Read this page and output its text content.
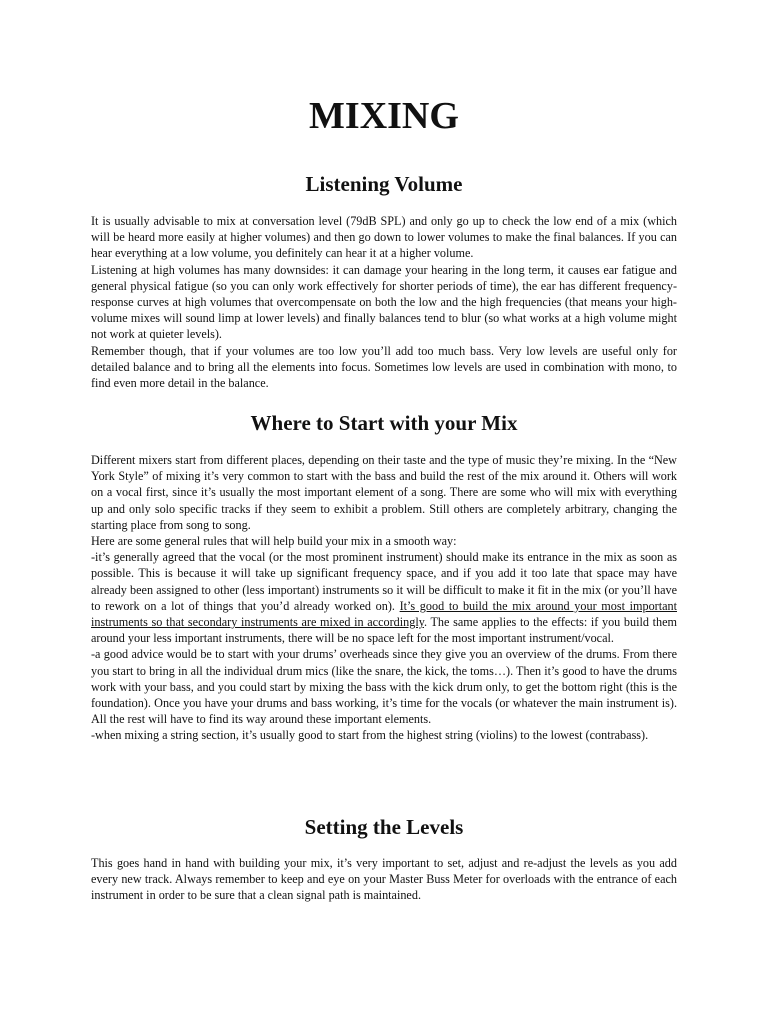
MIXING
Listening Volume

It is usually advisable to mix at conversation level (79dB SPL) and only go up to check the low end of a mix (which will be heard more easily at higher volumes) and then go down to lower volumes to make the final balances. If you can hear everything at a low volume, you definitely can hear it at a higher volume.

Listening at high volumes has many downsides: it can damage your hearing in the long term, it causes ear fatigue and general physical fatigue (so you can only work effectively for shorter periods of time), the ear has different frequency-response curves at high volumes that overcompensate on both the low and the high frequencies (that means your high-volume mixes will sound limp at lower levels) and finally balances tend to blur (so what works at a high volume might not work at quieter levels).

Remember though, that if your volumes are too low you’ll add too much bass. Very low levels are useful only for detailed balance and to bring all the elements into focus. Sometimes low levels are used in combination with mono, to find even more detail in the balance.

Where to Start with your Mix

Different mixers start from different places, depending on their taste and the type of music they’re mixing. In the “New York Style” of mixing it’s very common to start with the bass and build the rest of the mix around it. Others will work on a vocal first, since it’s usually the most important element of a song. There are some who will mix with everything up and only solo specific tracks if they seem to exhibit a problem. Still others are completely arbitrary, changing the starting place from song to song.

Here are some general rules that will help build your mix in a smooth way:

-it’s generally agreed that the vocal (or the most prominent instrument) should make its entrance in the mix as soon as possible. This is because it will take up significant frequency space, and if you add it too late that space may have already been assigned to other (less important) instruments so it will be difficult to make it fit in the mix (or you’ll have to rework on a lot of things that you’d already worked on). It’s good to build the mix around your most important instruments so that secondary instruments are mixed in accordingly. The same applies to the effects: if you build them around your less important instruments, there will be no space left for the most important instrument/vocal.

-a good advice would be to start with your drums’ overheads since they give you an overview of the drums. From there you start to bring in all the individual drum mics (like the snare, the kick, the toms…). Then it’s good to have the drums work with your bass, and you could start by mixing the bass with the kick drum only, to get the bottom right (this is the foundation). Once you have your drums and bass working, it’s time for the vocals (or whatever the main instrument is). All the rest will have to find its way around these important elements.

-when mixing a string section, it’s usually good to start from the highest string (violins) to the lowest (contrabass).

Setting the Levels

This goes hand in hand with building your mix, it’s very important to set, adjust and re-adjust the levels as you add every new track. Always remember to keep and eye on your Master Buss Meter for overloads with the entrance of each instrument in order to be sure that a clean signal path is maintained.
